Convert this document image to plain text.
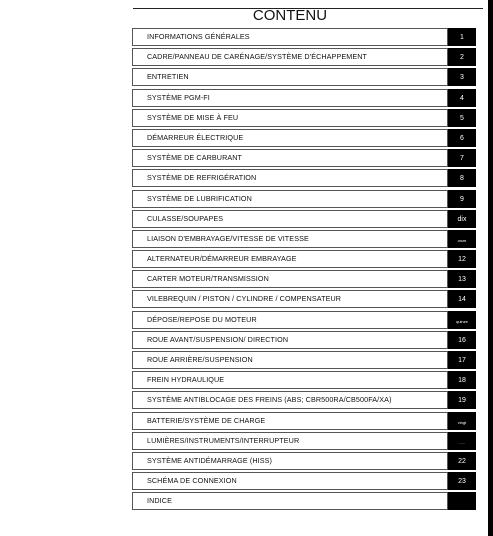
CONTENU
INFORMATIONS GÉNÉRALES	1
CADRE/PANNEAU DE CARÉNAGE/SYSTÈME D'ÉCHAPPEMENT	2
ENTRETIEN	3
SYSTÈME PGM-FI	4
SYSTÈME DE MISE À FEU	5
DÉMARREUR ÉLECTRIQUE	6
SYSTÈME DE CARBURANT	7
SYSTÈME DE REFRIGÉRATION	8
SYSTÈME DE LUBRIFICATION	9
CULASSE/SOUPAPES	dix
LIAISON D'EMBRAYAGE/VITESSE DE VITESSE	onze
ALTERNATEUR/DÉMARREUR EMBRAYAGE	12
CARTER MOTEUR/TRANSMISSION	13
VILEBREQUIN / PISTON / CYLINDRE / COMPENSATEUR	14
DÉPOSE/REPOSE DU MOTEUR	quinze
ROUE AVANT/SUSPENSION/ DIRECTION	16
ROUE ARRIÈRE/SUSPENSION	17
FREIN HYDRAULIQUE	18
SYSTÈME ANTIBLOCAGE DES FREINS (ABS; CBR500RA/CB500FA/XA)	19
BATTERIE/SYSTÈME DE CHARGE	vingt
LUMIÈRES/INSTRUMENTS/INTERRUPTEUR	.....
SYSTÈME ANTIDÉMARRAGE (HISS)	22
SCHÉMA DE CONNEXION	23
INDICE
